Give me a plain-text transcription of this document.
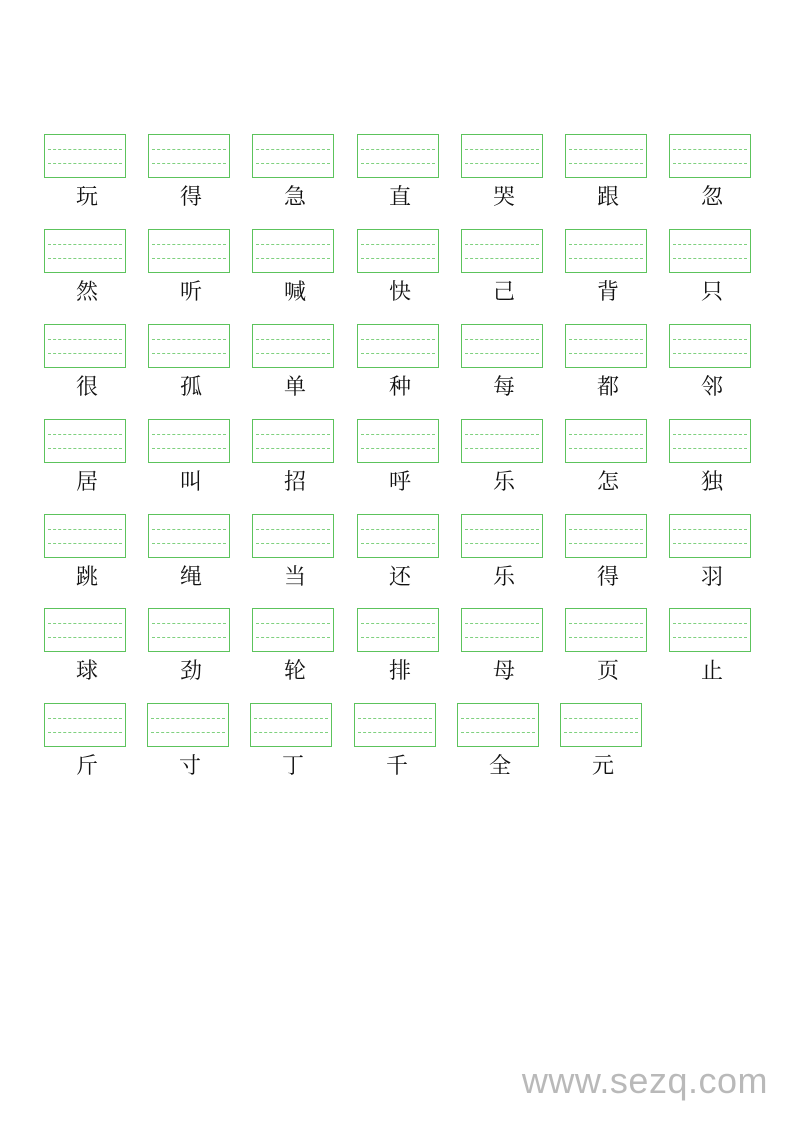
玩	得	急	直	哭	跟	忽
然	听	喊	快	己	背	只
很	孤	单	种	每	都	邻
居	叫	招	呼	乐	怎	独
跳	绳	当	还	乐	得	羽
球	劲	轮	排	母	页	止
斤	寸	丁	千	全	元
www.sezq.com
